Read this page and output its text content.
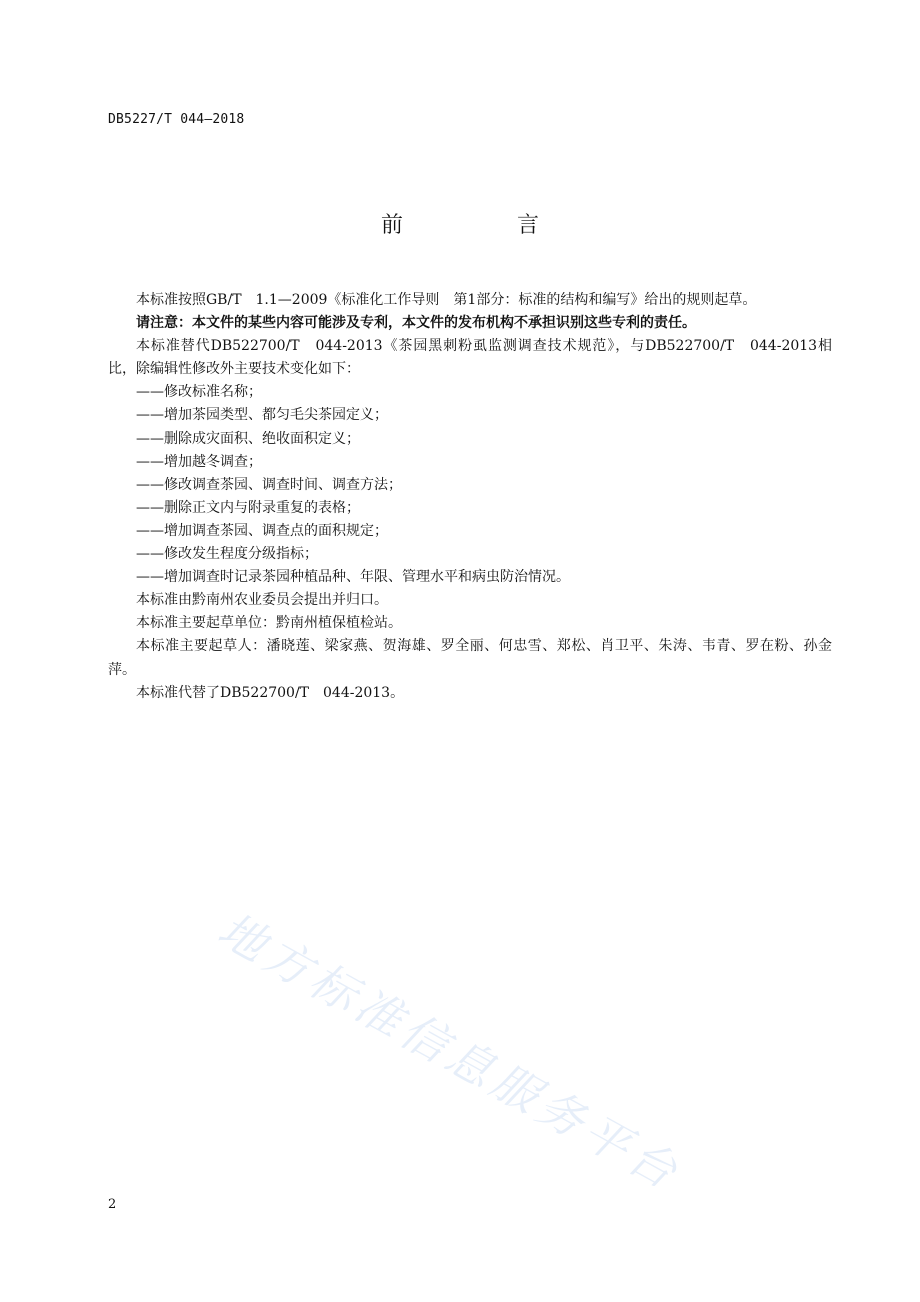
DB5227/T 044—2018
前　言

本标准按照GB/T　1.1—2009《标准化工作导则　第1部分：标准的结构和编写》给出的规则起草。

请注意：本文件的某些内容可能涉及专利，本文件的发布机构不承担识别这些专利的责任。

本标准替代DB522700/T　044-2013《茶园黑刺粉虱监测调查技术规范》，与DB522700/T　044-2013相比，除编辑性修改外主要技术变化如下：

——修改标准名称；

——增加茶园类型、都匀毛尖茶园定义；

——删除成灾面积、绝收面积定义；

——增加越冬调查；

——修改调查茶园、调查时间、调查方法；

——删除正文内与附录重复的表格；

——增加调查茶园、调查点的面积规定；

——修改发生程度分级指标；

——增加调查时记录茶园种植品种、年限、管理水平和病虫防治情况。

本标准由黔南州农业委员会提出并归口。

本标准主要起草单位：黔南州植保植检站。

本标准主要起草人：潘晓莲、梁家燕、贺海雄、罗全丽、何忠雪、郑松、肖卫平、朱涛、韦青、罗在粉、孙金萍。

本标准代替了DB522700/T　044-2013。

地方标准信息服务平台
2
